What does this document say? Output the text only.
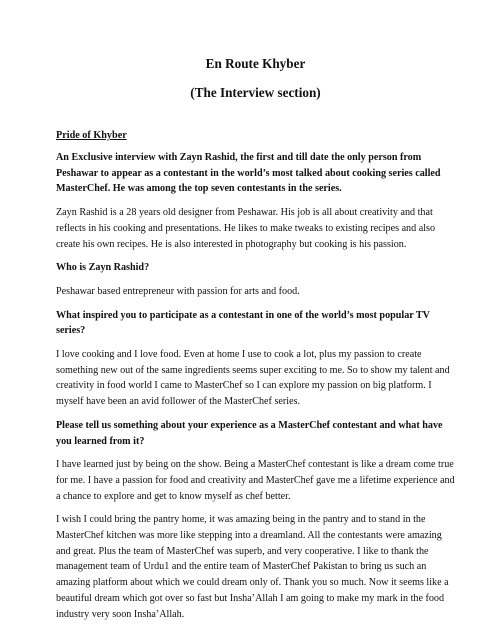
En Route Khyber
(The Interview section)
Pride of Khyber

An Exclusive interview with Zayn Rashid, the first and till date the only person from Peshawar to appear as a contestant in the world’s most talked about cooking series called MasterChef. He was among the top seven contestants in the series.

Zayn Rashid is a 28 years old designer from Peshawar. His job is all about creativity and that reflects in his cooking and presentations. He likes to make tweaks to existing recipes and also create his own recipes. He is also interested in photography but cooking is his passion.

Who is Zayn Rashid?

Peshawar based entrepreneur with passion for arts and food.

What inspired you to participate as a contestant in one of the world’s most popular TV series?

I love cooking and I love food. Even at home I use to cook a lot, plus my passion to create something new out of the same ingredients seems super exciting to me. So to show my talent and creativity in food world I came to MasterChef so I can explore my passion on big platform. I myself have been an avid follower of the MasterChef series.

Please tell us something about your experience as a MasterChef contestant and what have you learned from it?

I have learned just by being on the show. Being a MasterChef contestant is like a dream come true for me. I have a passion for food and creativity and MasterChef gave me a lifetime experience and a chance to explore and get to know myself as chef better.

I wish I could bring the pantry home, it was amazing being in the pantry and to stand in the MasterChef kitchen was more like stepping into a dreamland. All the contestants were amazing and great. Plus the team of MasterChef was superb, and very cooperative. I like to thank the management team of Urdu1 and the entire team of MasterChef Pakistan to bring us such an amazing platform about which we could dream only of. Thank you so much. Now it seems like a beautiful dream which got over so fast but Insha’Allah I am going to make my mark in the food industry very soon Insha’Allah.
